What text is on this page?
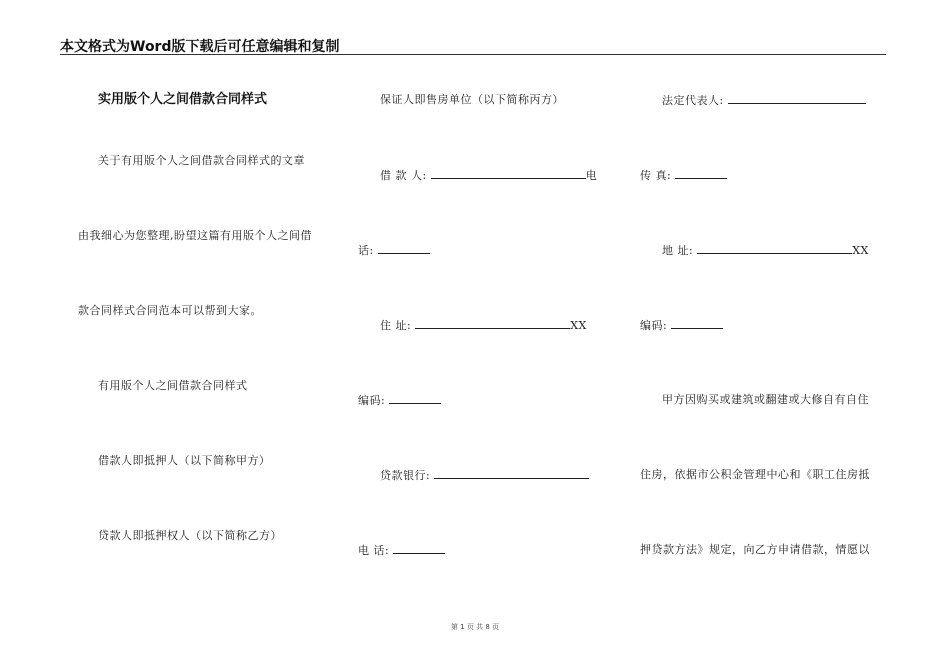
本文格式为Word版下载后可任意编辑和复制
实用版个人之间借款合同样式
关于有用版个人之间借款合同样式的文章
由我细心为您整理,盼望这篇有用版个人之间借
款合同样式合同范本可以帮到大家。
有用版个人之间借款合同样式
借款人即抵押人（以下简称甲方）
贷款人即抵押权人（以下简称乙方）
保证人即售房单位（以下简称丙方）
借 款 人:	电
话:
住 址:	XX
编码:
贷款银行:
电 话:
法定代表人:
传 真:
地 址:	XX
编码:
甲方因购买或建筑或翻建或大修自有自住
住房，依据市公积金管理中心和《职工住房抵
押贷款方法》规定，向乙方申请借款，情愿以
第 1 页 共 8 页
